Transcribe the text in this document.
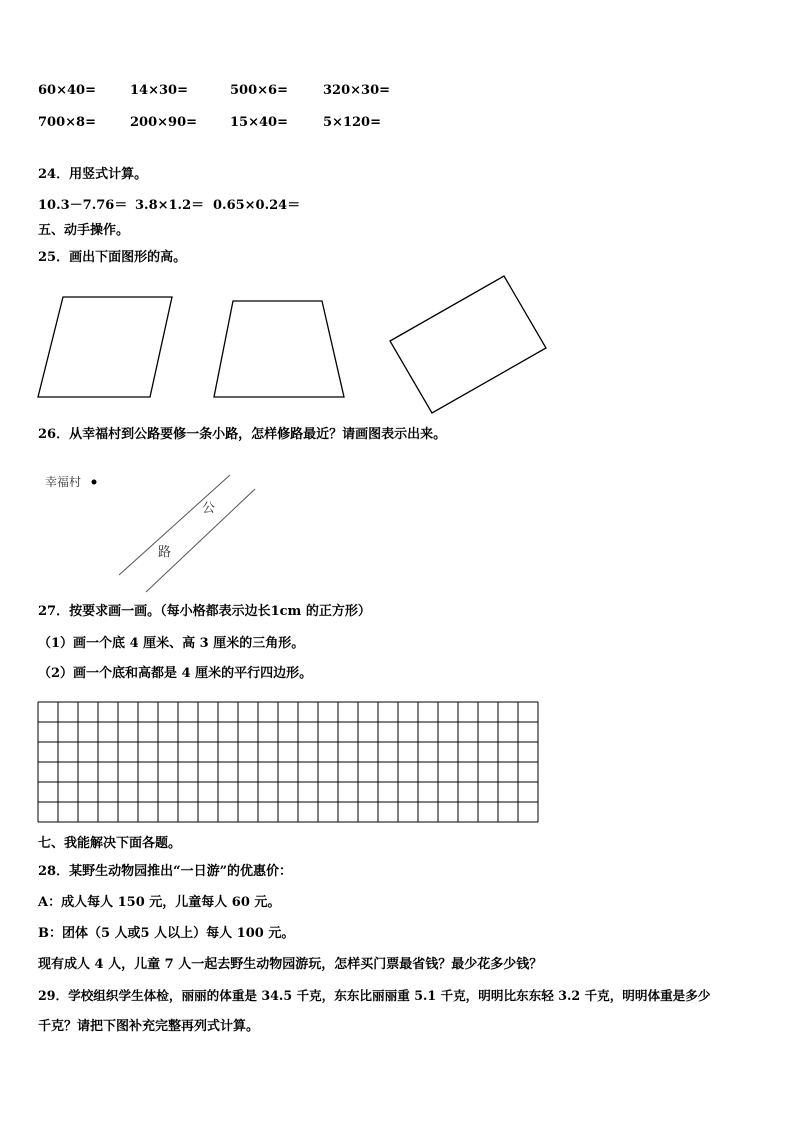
60×40=	14×30=	500×6=	320×30=
700×8=	200×90=	15×40=	5×120=
24．用竖式计算。
10.3－7.76＝ 3.8×1.2＝ 0.65×0.24＝
五、动手操作。
25．画出下面图形的高。
26．从幸福村到公路要修一条小路，怎样修路最近？请画图表示出来。
幸福村
公
路
27．按要求画一画。（每小格都表示边长1cm 的正方形）
（1）画一个底 4 厘米、高 3 厘米的三角形。
（2）画一个底和高都是 4 厘米的平行四边形。
七、我能解决下面各题。
28．某野生动物园推出“一日游”的优惠价：
A：成人每人 150 元，儿童每人 60 元。
B：团体（5 人或5 人以上）每人 100 元。
现有成人 4 人，儿童 7 人一起去野生动物园游玩，怎样买门票最省钱？最少花多少钱？
29．学校组织学生体检，丽丽的体重是 34.5 千克，东东比丽丽重 5.1 千克，明明比东东轻 3.2 千克，明明体重是多少
千克？请把下图补充完整再列式计算。
